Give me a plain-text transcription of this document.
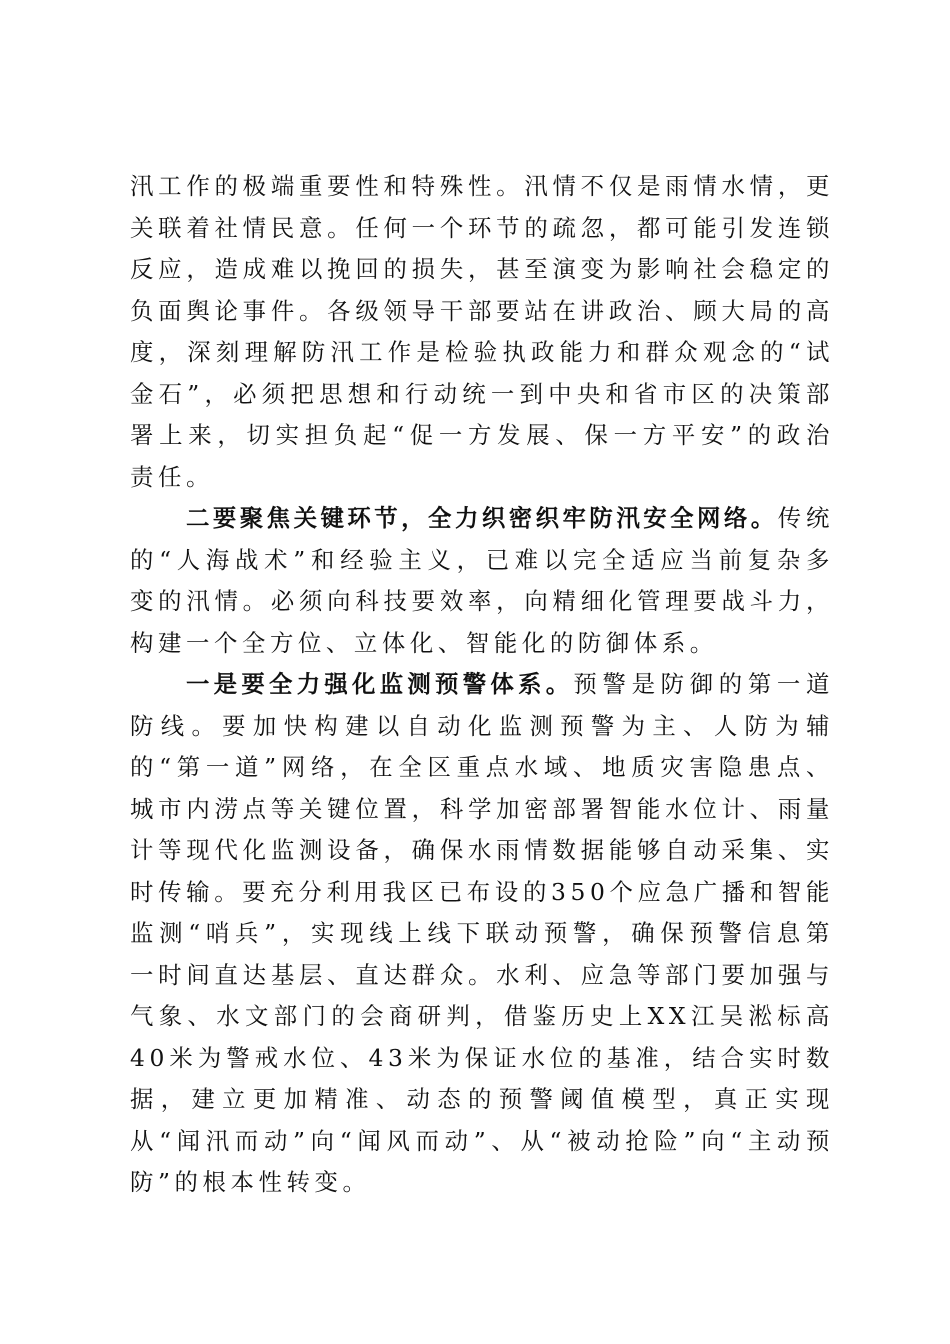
汛工作的极端重要性和特殊性。汛情不仅是雨情水情，更关联着社情民意。任何一个环节的疏忽，都可能引发连锁反应，造成难以挽回的损失，甚至演变为影响社会稳定的负面舆论事件。各级领导干部要站在讲政治、顾大局的高度，深刻理解防汛工作是检验执政能力和群众观念的“试金石”，必须把思想和行动统一到中央和省市区的决策部署上来，切实担负起“促一方发展、保一方平安”的政治责任。

二要聚焦关键环节，全力织密织牢防汛安全网络。传统的“人海战术”和经验主义，已难以完全适应当前复杂多变的汛情。必须向科技要效率，向精细化管理要战斗力，构建一个全方位、立体化、智能化的防御体系。

一是要全力强化监测预警体系。预警是防御的第一道防线。要加快构建以自动化监测预警为主、人防为辅的“第一道”网络，在全区重点水域、地质灾害隐患点、城市内涝点等关键位置，科学加密部署智能水位计、雨量计等现代化监测设备，确保水雨情数据能够自动采集、实时传输。要充分利用我区已布设的350个应急广播和智能监测“哨兵”，实现线上线下联动预警，确保预警信息第一时间直达基层、直达群众。水利、应急等部门要加强与气象、水文部门的会商研判，借鉴历史上XX江吴淞标高40米为警戒水位、43米为保证水位的基准，结合实时数据，建立更加精准、动态的预警阈值模型，真正实现从“闻汛而动”向“闻风而动”、从“被动抢险”向“主动预防”的根本性转变。
